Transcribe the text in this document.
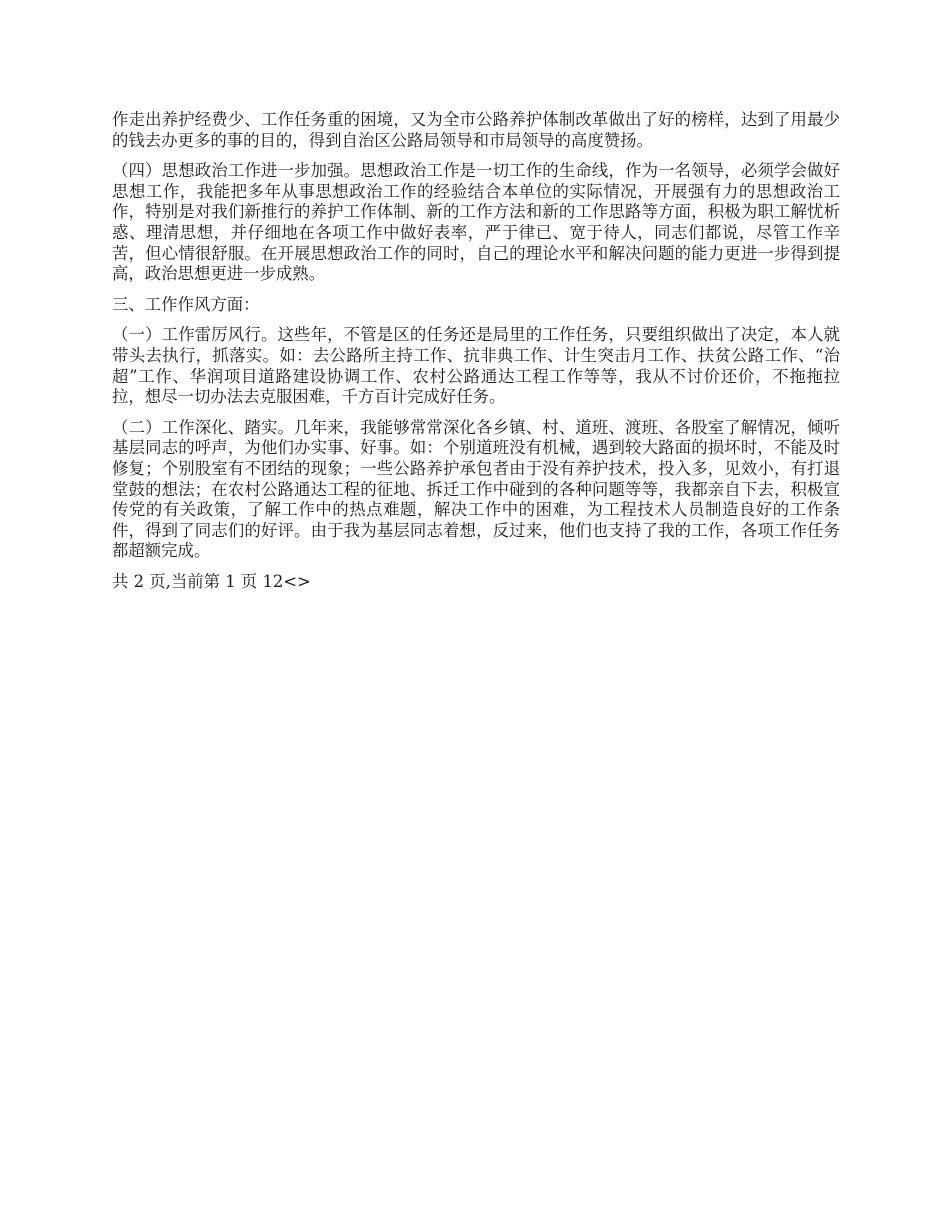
作走出养护经费少、工作任务重的困境，又为全市公路养护体制改革做出了好的榜样，达到了用最少的钱去办更多的事的目的，得到自治区公路局领导和市局领导的高度赞扬。

（四）思想政治工作进一步加强。思想政治工作是一切工作的生命线，作为一名领导，必须学会做好思想工作，我能把多年从事思想政治工作的经验结合本单位的实际情况，开展强有力的思想政治工作，特别是对我们新推行的养护工作体制、新的工作方法和新的工作思路等方面，积极为职工解忧析惑、理清思想，并仔细地在各项工作中做好表率，严于律已、宽于待人，同志们都说，尽管工作辛苦，但心情很舒服。在开展思想政治工作的同时，自己的理论水平和解决问题的能力更进一步得到提高，政治思想更进一步成熟。

三、工作作风方面：

（一）工作雷厉风行。这些年，不管是区的任务还是局里的工作任务，只要组织做出了决定，本人就带头去执行，抓落实。如：去公路所主持工作、抗非典工作、计生突击月工作、扶贫公路工作、“治超”工作、华润项目道路建设协调工作、农村公路通达工程工作等等，我从不讨价还价，不拖拖拉拉，想尽一切办法去克服困难，千方百计完成好任务。

（二）工作深化、踏实。几年来，我能够常常深化各乡镇、村、道班、渡班、各股室了解情况，倾听基层同志的呼声，为他们办实事、好事。如：个别道班没有机械，遇到较大路面的损坏时，不能及时修复；个别股室有不团结的现象；一些公路养护承包者由于没有养护技术，投入多，见效小，有打退堂鼓的想法；在农村公路通达工程的征地、拆迁工作中碰到的各种问题等等，我都亲自下去，积极宣传党的有关政策，了解工作中的热点难题，解决工作中的困难，为工程技术人员制造良好的工作条件，得到了同志们的好评。由于我为基层同志着想，反过来，他们也支持了我的工作，各项工作任务都超额完成。

共 2 页,当前第 1 页 12<>
